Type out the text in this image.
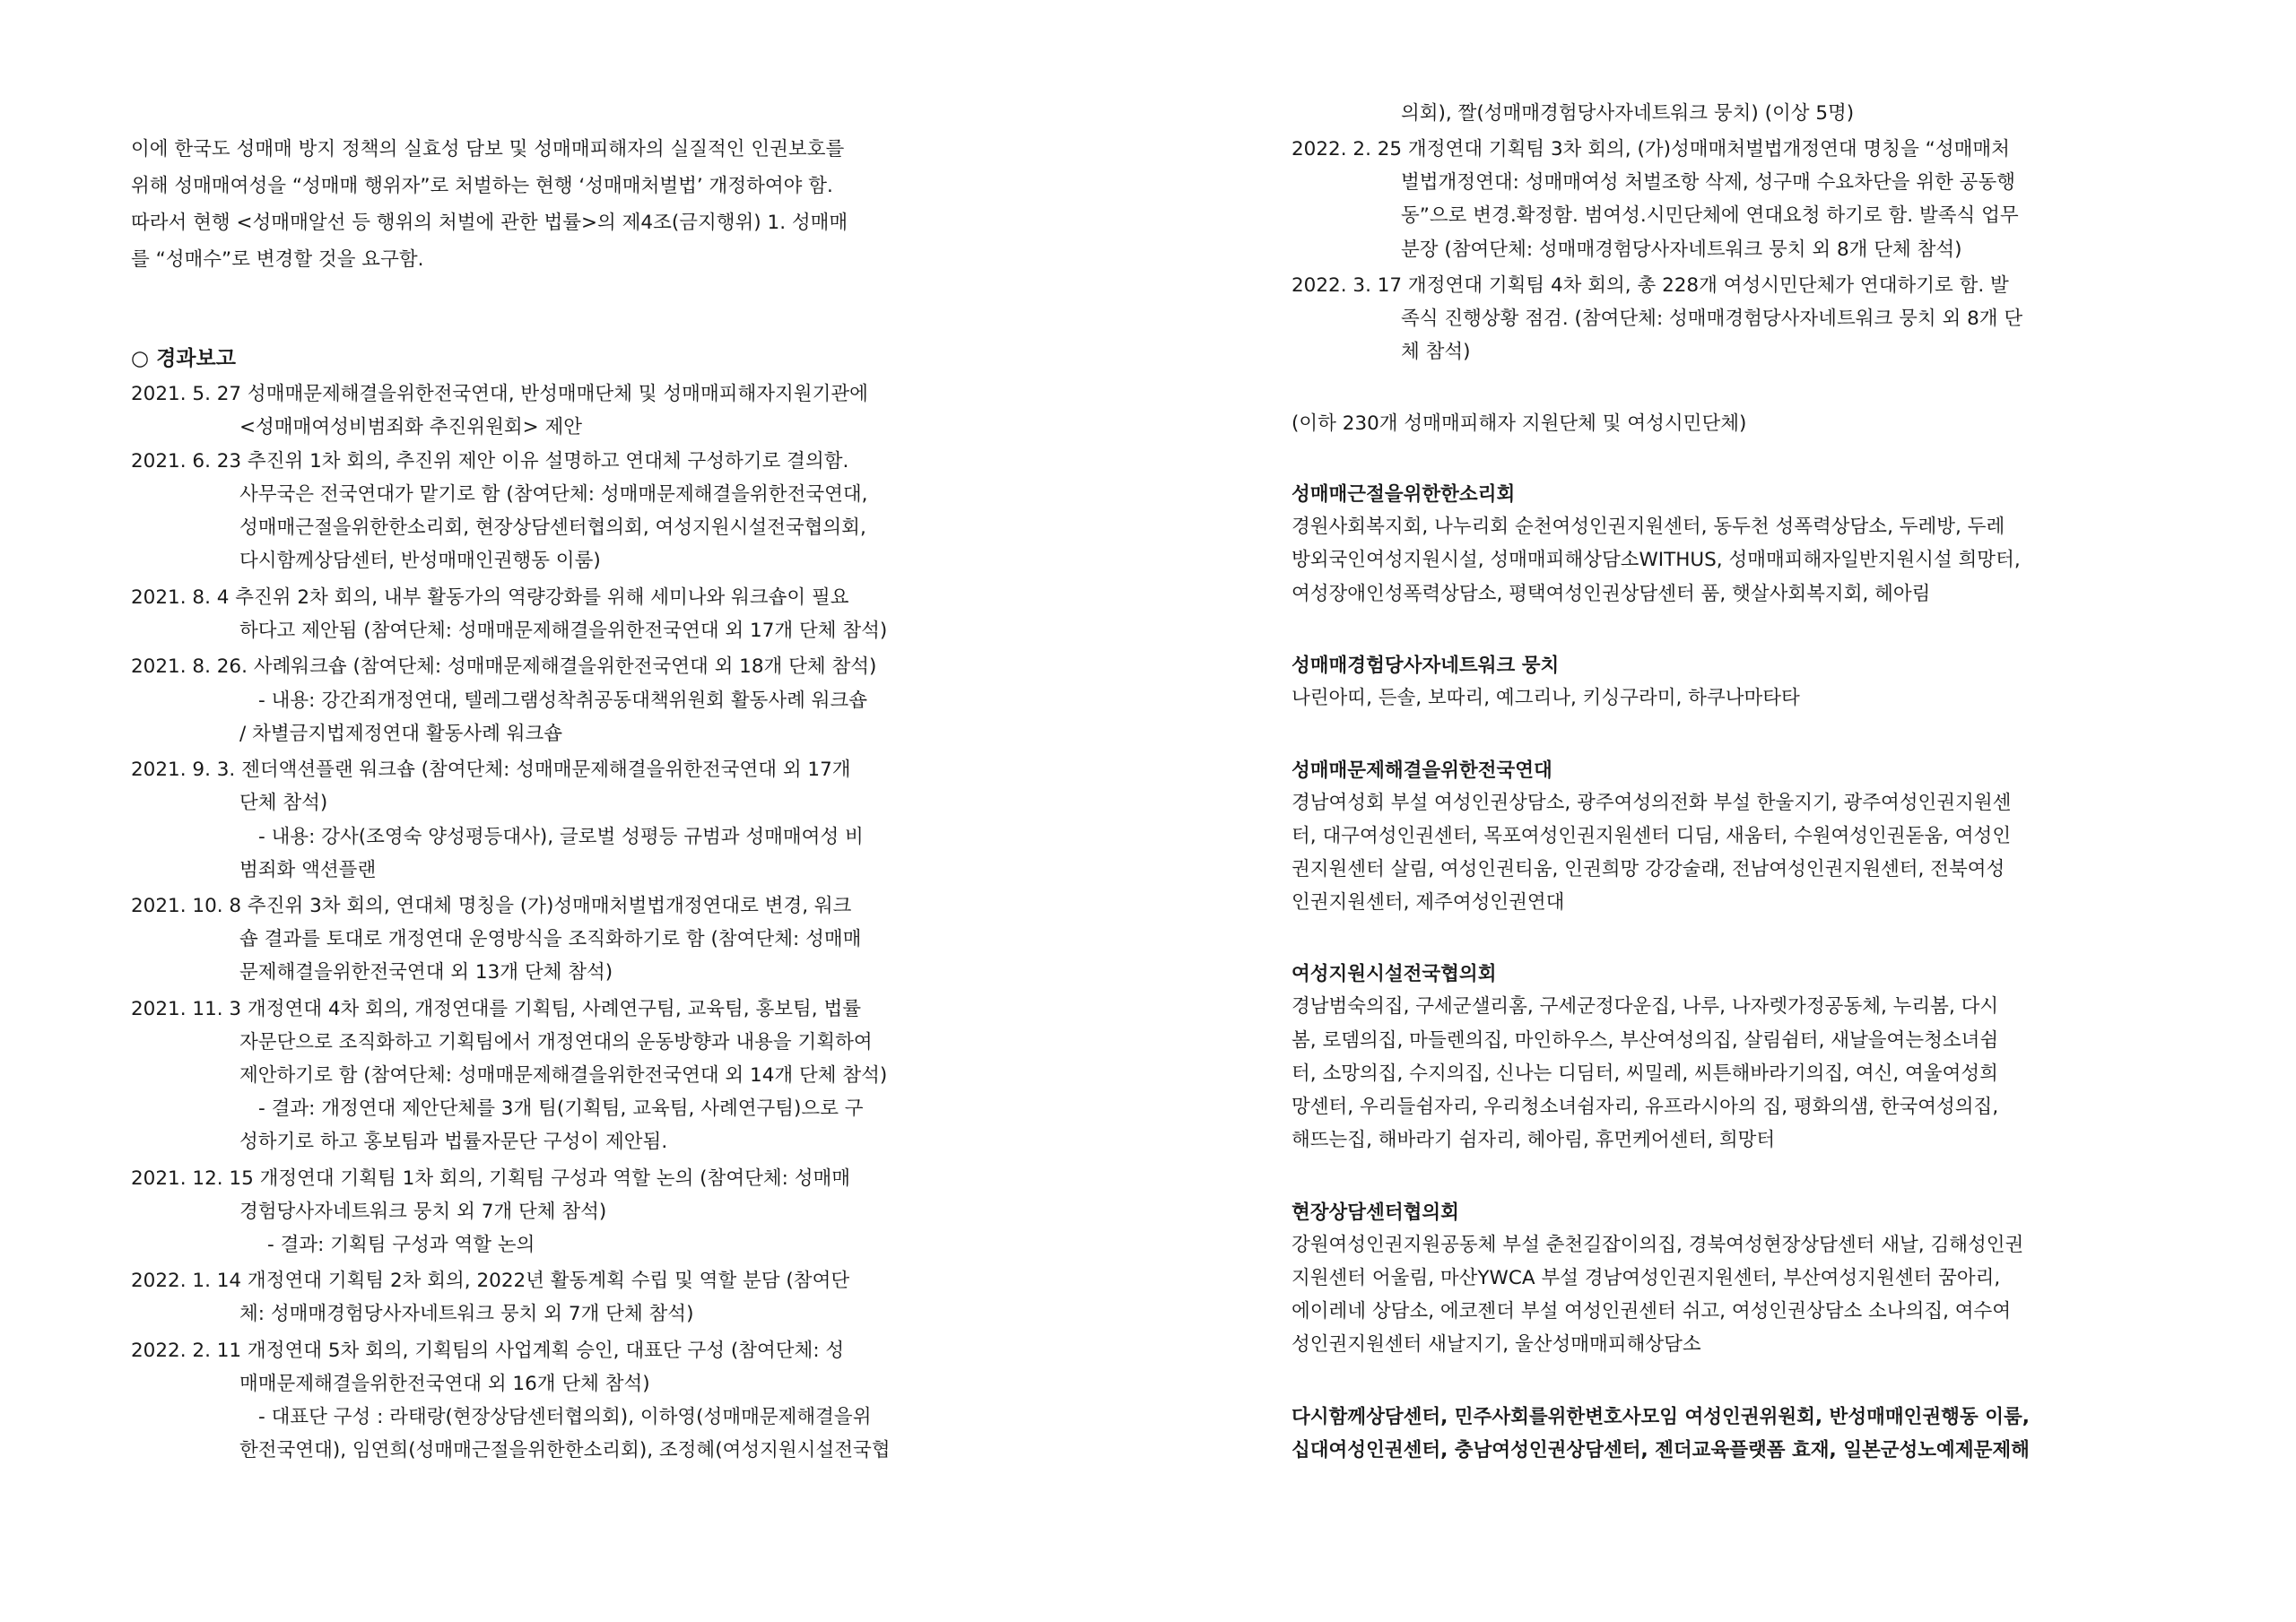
이에 한국도 성매매 방지 정책의 실효성 담보 및 성매매피해자의 실질적인 인권보호를
위해 성매매여성을 “성매매 행위자”로 처벌하는 현행 ‘성매매처벌법’ 개정하여야 함.
따라서 현행 <성매매알선 등 행위의 처벌에 관한 법률>의 제4조(금지행위) 1. 성매매
를 “성매수”로 변경할 것을 요구함.
○ 경과보고
2021. 5. 27 성매매문제해결을위한전국연대, 반성매매단체 및 성매매피해자지원기관에
<성매매여성비범죄화 추진위원회> 제안
2021. 6. 23 추진위 1차 회의, 추진위 제안 이유 설명하고 연대체 구성하기로 결의함.
사무국은 전국연대가 맡기로 함 (참여단체: 성매매문제해결을위한전국연대,
성매매근절을위한한소리회, 현장상담센터협의회, 여성지원시설전국협의회,
다시함께상담센터, 반성매매인권행동 이룸)
2021. 8. 4 추진위 2차 회의, 내부 활동가의 역량강화를 위해 세미나와 워크숍이 필요
하다고 제안됨 (참여단체: 성매매문제해결을위한전국연대 외 17개 단체 참석)
2021. 8. 26. 사례워크숍 (참여단체: 성매매문제해결을위한전국연대 외 18개 단체 참석)
- 내용: 강간죄개정연대, 텔레그램성착취공동대책위원회 활동사례 워크숍
/ 차별금지법제정연대 활동사례 워크숍
2021. 9. 3. 젠더액션플랜 워크숍 (참여단체: 성매매문제해결을위한전국연대 외 17개
단체 참석)
- 내용: 강사(조영숙 양성평등대사), 글로벌 성평등 규범과 성매매여성 비
범죄화 액션플랜
2021. 10. 8 추진위 3차 회의, 연대체 명칭을 (가)성매매처벌법개정연대로 변경, 워크
숍 결과를 토대로 개정연대 운영방식을 조직화하기로 함 (참여단체: 성매매
문제해결을위한전국연대 외 13개 단체 참석)
2021. 11. 3 개정연대 4차 회의, 개정연대를 기획팀, 사례연구팀, 교육팀, 홍보팀, 법률
자문단으로 조직화하고 기획팀에서 개정연대의 운동방향과 내용을 기획하여
제안하기로 함 (참여단체: 성매매문제해결을위한전국연대 외 14개 단체 참석)
- 결과: 개정연대 제안단체를 3개 팀(기획팀, 교육팀, 사례연구팀)으로 구
성하기로 하고 홍보팀과 법률자문단 구성이 제안됨.
2021. 12. 15 개정연대 기획팀 1차 회의, 기획팀 구성과 역할 논의 (참여단체: 성매매
경험당사자네트워크 뭉치 외 7개 단체 참석)
- 결과: 기획팀 구성과 역할 논의
2022. 1. 14 개정연대 기획팀 2차 회의, 2022년 활동계획 수립 및 역할 분담 (참여단
체: 성매매경험당사자네트워크 뭉치 외 7개 단체 참석)
2022. 2. 11 개정연대 5차 회의, 기획팀의 사업계획 승인, 대표단 구성 (참여단체: 성
매매문제해결을위한전국연대 외 16개 단체 참석)
- 대표단 구성 : 라태랑(현장상담센터협의회), 이하영(성매매문제해결을위
한전국연대), 임연희(성매매근절을위한한소리회), 조정혜(여성지원시설전국협
의회), 짤(성매매경험당사자네트워크 뭉치) (이상 5명)
2022. 2. 25 개정연대 기획팀 3차 회의, (가)성매매처벌법개정연대 명칭을 “성매매처
벌법개정연대: 성매매여성 처벌조항 삭제, 성구매 수요차단을 위한 공동행
동”으로 변경.확정함. 범여성.시민단체에 연대요청 하기로 함. 발족식 업무
분장 (참여단체: 성매매경험당사자네트워크 뭉치 외 8개 단체 참석)
2022. 3. 17 개정연대 기획팀 4차 회의, 총 228개 여성시민단체가 연대하기로 함. 발
족식 진행상황 점검. (참여단체: 성매매경험당사자네트워크 뭉치 외 8개 단
체 참석)
(이하 230개 성매매피해자 지원단체 및 여성시민단체)
성매매근절을위한한소리회
경원사회복지회, 나누리회 순천여성인권지원센터, 동두천 성폭력상담소, 두레방, 두레
방외국인여성지원시설, 성매매피해상담소WITHUS, 성매매피해자일반지원시설 희망터,
여성장애인성폭력상담소, 평택여성인권상담센터 품, 햇살사회복지회, 헤아림
성매매경험당사자네트워크 뭉치
나린아띠, 든솔, 보따리, 예그리나, 키싱구라미, 하쿠나마타타
성매매문제해결을위한전국연대
경남여성회 부설 여성인권상담소, 광주여성의전화 부설 한울지기, 광주여성인권지원센
터, 대구여성인권센터, 목포여성인권지원센터 디딤, 새움터, 수원여성인권돋움, 여성인
권지원센터 살림, 여성인권티움, 인권희망 강강술래, 전남여성인권지원센터, 전북여성
인권지원센터, 제주여성인권연대
여성지원시설전국협의회
경남범숙의집, 구세군샐리홈, 구세군정다운집, 나루, 나자렛가정공동체, 누리봄, 다시
봄, 로뎀의집, 마들렌의집, 마인하우스, 부산여성의집, 살림쉼터, 새날을여는청소녀쉼
터, 소망의집, 수지의집, 신나는 디딤터, 씨밀레, 씨튼해바라기의집, 여신, 여울여성희
망센터, 우리들쉼자리, 우리청소녀쉼자리, 유프라시아의 집, 평화의샘, 한국여성의집,
해뜨는집, 해바라기 쉼자리, 헤아림, 휴먼케어센터, 희망터
현장상담센터협의회
강원여성인권지원공동체 부설 춘천길잡이의집, 경북여성현장상담센터 새날, 김해성인권
지원센터 어울림, 마산YWCA 부설 경남여성인권지원센터, 부산여성지원센터 꿈아리,
에이레네 상담소, 에코젠더 부설 여성인권센터 쉬고, 여성인권상담소 소나의집, 여수여
성인권지원센터 새날지기, 울산성매매피해상담소
다시함께상담센터, 민주사회를위한변호사모임 여성인권위원회, 반성매매인권행동 이룸,
십대여성인권센터, 충남여성인권상담센터, 젠더교육플랫폼 효재, 일본군성노예제문제해
